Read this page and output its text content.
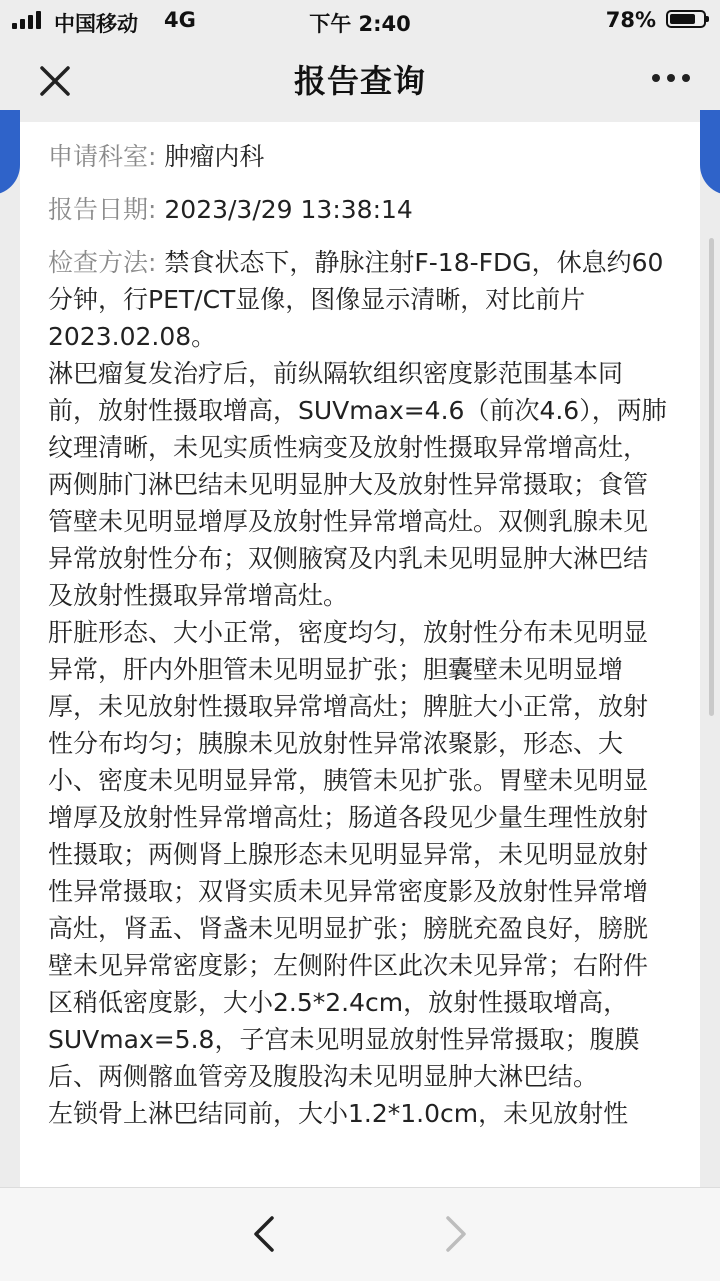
中国移动 4G	下午 2:40	78%
报告查询
申请科室: 肿瘤内科
报告日期: 2023/3/29 13:38:14

检查方法: 禁食状态下，静脉注射F-18-FDG，休息约60分钟，行PET/CT显像，图像显示清晰，对比前片2023.02.08。

淋巴瘤复发治疗后，前纵隔软组织密度影范围基本同前，放射性摄取增高，SUVmax=4.6（前次4.6），两肺纹理清晰，未见实质性病变及放射性摄取异常增高灶，两侧肺门淋巴结未见明显肿大及放射性异常摄取；食管管壁未见明显增厚及放射性异常增高灶。双侧乳腺未见异常放射性分布；双侧腋窝及内乳未见明显肿大淋巴结及放射性摄取异常增高灶。

肝脏形态、大小正常，密度均匀，放射性分布未见明显异常，肝内外胆管未见明显扩张；胆囊壁未见明显增厚，未见放射性摄取异常增高灶；脾脏大小正常，放射性分布均匀；胰腺未见放射性异常浓聚影，形态、大小、密度未见明显异常，胰管未见扩张。胃壁未见明显增厚及放射性异常增高灶；肠道各段见少量生理性放射性摄取；两侧肾上腺形态未见明显异常，未见明显放射性异常摄取；双肾实质未见异常密度影及放射性异常增高灶，肾盂、肾盏未见明显扩张；膀胱充盈良好，膀胱壁未见异常密度影；左侧附件区此次未见异常；右附件区稍低密度影，大小2.5*2.4cm，放射性摄取增高，SUVmax=5.8，子宫未见明显放射性异常摄取；腹膜后、两侧髂血管旁及腹股沟未见明显肿大淋巴结。

左锁骨上淋巴结同前，大小1.2*1.0cm，未见放射性
